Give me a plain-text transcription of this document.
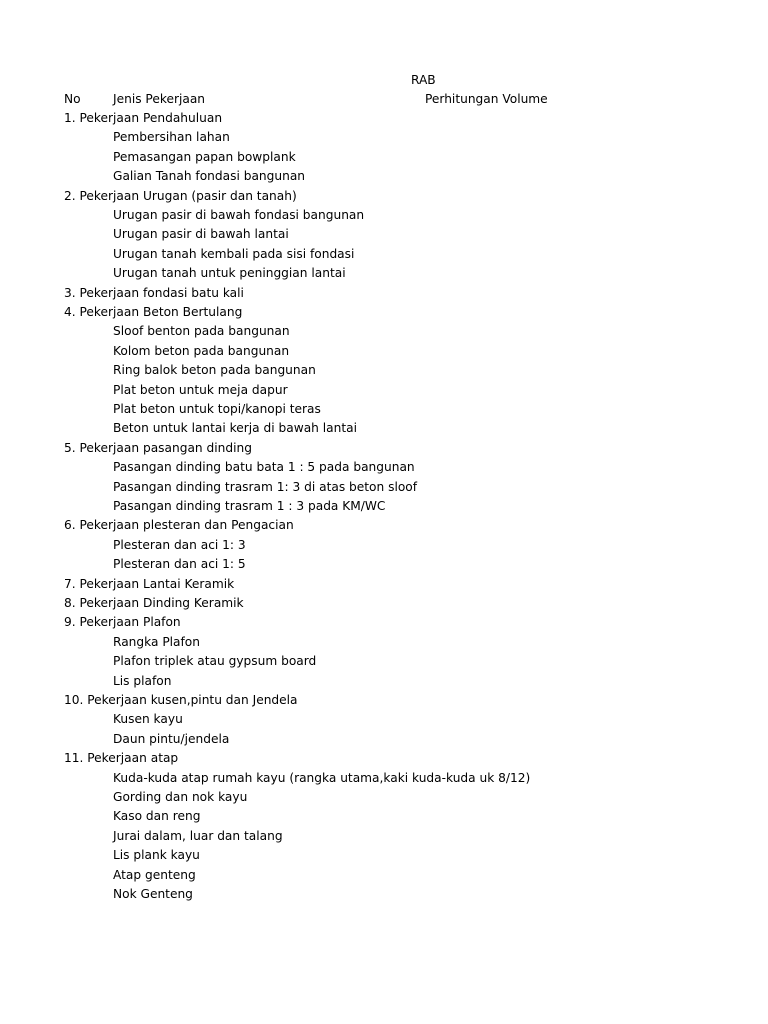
RAB
No	Jenis Pekerjaan	Perhitungan Volume
1. Pekerjaan Pendahuluan
Pembersihan lahan
Pemasangan papan bowplank
Galian Tanah fondasi bangunan
2. Pekerjaan Urugan (pasir dan tanah)
Urugan pasir di bawah fondasi bangunan
Urugan pasir di bawah lantai
Urugan tanah kembali pada sisi fondasi
Urugan tanah untuk peninggian lantai
3. Pekerjaan fondasi batu kali
4. Pekerjaan Beton Bertulang
Sloof benton pada bangunan
Kolom beton pada bangunan
Ring balok beton pada bangunan
Plat beton untuk meja dapur
Plat beton untuk topi/kanopi teras
Beton untuk lantai kerja di bawah lantai
5. Pekerjaan pasangan dinding
Pasangan dinding batu bata 1 : 5 pada bangunan
Pasangan dinding trasram 1: 3 di atas beton sloof
Pasangan dinding trasram 1 : 3 pada KM/WC
6. Pekerjaan plesteran dan Pengacian
Plesteran dan aci 1: 3
Plesteran dan aci 1: 5
7. Pekerjaan Lantai Keramik
8. Pekerjaan Dinding Keramik
9. Pekerjaan Plafon
Rangka Plafon
Plafon triplek atau gypsum board
Lis plafon
10. Pekerjaan kusen,pintu dan Jendela
Kusen kayu
Daun pintu/jendela
11. Pekerjaan atap
Kuda-kuda atap rumah kayu (rangka utama,kaki kuda-kuda uk 8/12)
Gording dan nok kayu
Kaso dan reng
Jurai dalam, luar dan talang
Lis plank kayu
Atap genteng
Nok Genteng
